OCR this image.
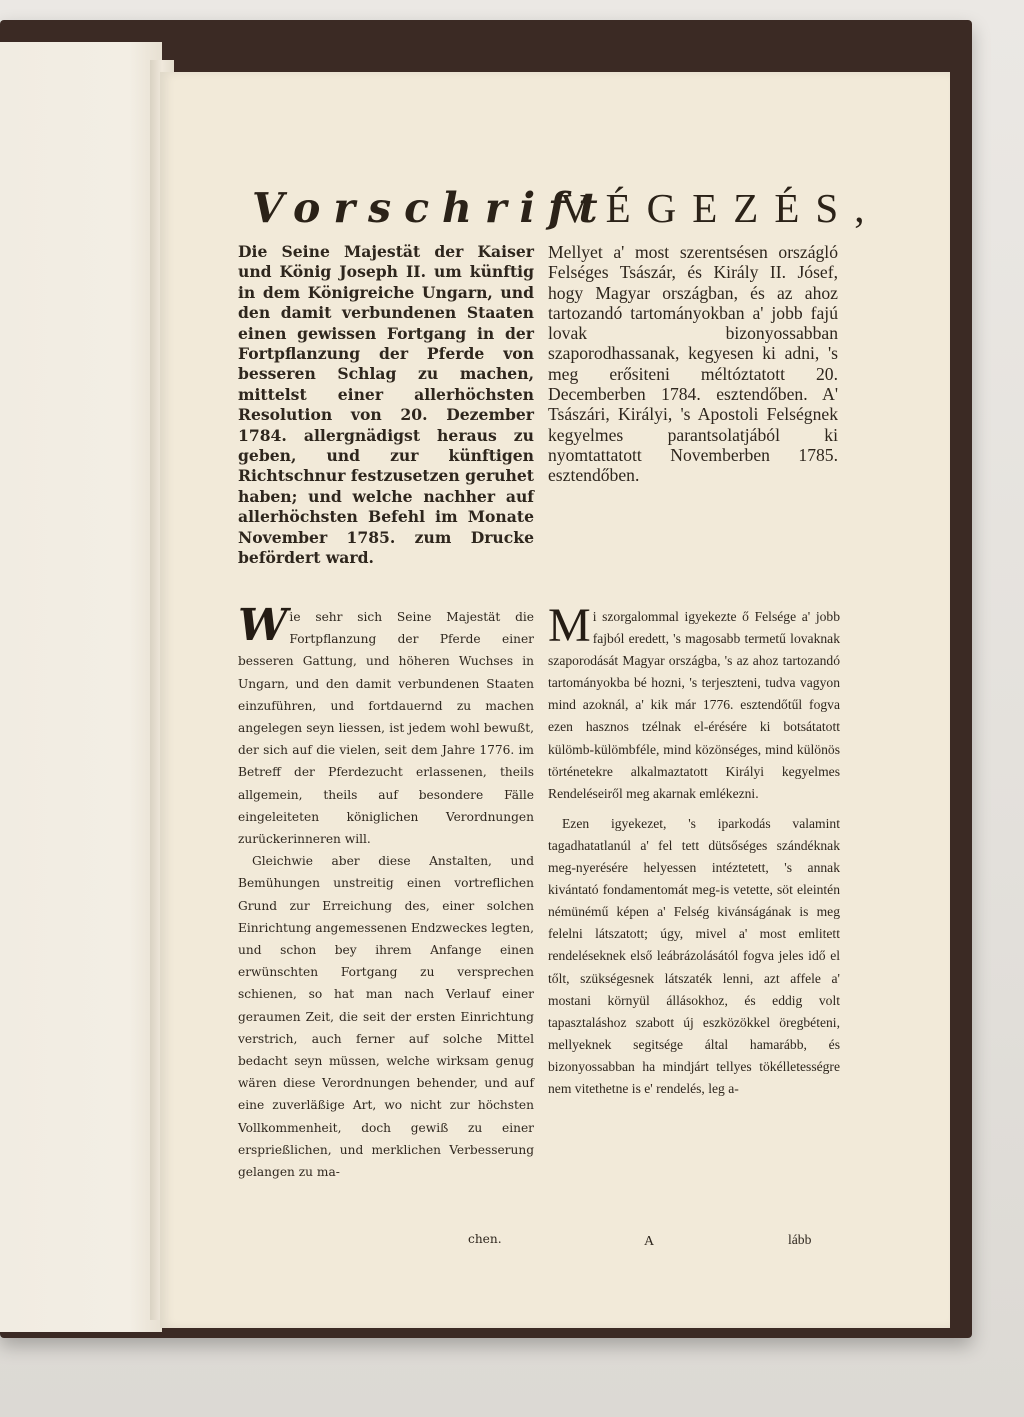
Vorschrift
VÉGEZÉS,

Die Seine Majestät der Kaiser und König Joseph II. um künftig in dem Königreiche Ungarn, und den damit verbundenen Staaten einen gewissen Fortgang in der Fortpflanzung der Pferde von besseren Schlag zu machen, mittelst einer allerhöchsten Resolution von 20. Dezember 1784. allergnädigst heraus zu geben, und zur künftigen Richtschnur festzusetzen geruhet haben; und welche nachher auf allerhöchsten Befehl im Monate November 1785. zum Drucke befördert ward.

Mellyet a' most szerentsésen országló Felséges Tsászár, és Király II. Jósef, hogy Magyar országban, és az ahoz tartozandó tartományokban a' jobb fajú lovak bizonyossabban szaporodhassanak, kegyesen ki adni, 's meg erősiteni méltóztatott 20. Decemberben 1784. esztendőben. A' Tsászári, Királyi, 's Apostoli Felségnek kegyelmes parantsolatjából ki nyomtattatott Novemberben 1785. esztendőben.

Wie sehr sich Seine Majestät die Fortpflanzung der Pferde einer besseren Gattung, und höheren Wuchses in Ungarn, und den damit verbundenen Staaten einzuführen, und fortdauernd zu machen angelegen seyn liessen, ist jedem wohl bewußt, der sich auf die vielen, seit dem Jahre 1776. im Betreff der Pferdezucht erlassenen, theils allgemein, theils auf besondere Fälle eingeleiteten königlichen Verordnungen zurückerinneren will.

Gleichwie aber diese Anstalten, und Bemühungen unstreitig einen vortreflichen Grund zur Erreichung des, einer solchen Einrichtung angemessenen Endzweckes legten, und schon bey ihrem Anfange einen erwünschten Fortgang zu versprechen schienen, so hat man nach Verlauf einer geraumen Zeit, die seit der ersten Einrichtung verstrich, auch ferner auf solche Mittel bedacht seyn müssen, welche wirksam genug wären diese Verordnungen behender, und auf eine zuverläßige Art, wo nicht zur höchsten Vollkommenheit, doch gewiß zu einer ersprießlichen, und merklichen Verbesserung gelangen zu ma-

Mi szorgalommal igyekezte ő Felsége a' jobb fajból eredett, 's magosabb termetű lovaknak szaporodását Magyar országba, 's az ahoz tartozandó tartományokba bé hozni, 's terjeszteni, tudva vagyon mind azoknál, a' kik már 1776. esztendőtűl fogva ezen hasznos tzélnak el-érésére ki botsátatott külömb-külömbféle, mind közönséges, mind különös történetekre alkalmaztatott Királyi kegyelmes Rendeléseiről meg akarnak emlékezni.

Ezen igyekezet, 's iparkodás valamint tagadhatatlanúl a' fel tett dütsőséges szándéknak meg-nyerésére helyessen intéztetett, 's annak kivántató fondamentomát meg-is vetette, söt eleintén némünémű képen a' Felség kivánságának is meg felelni látszatott; úgy, mivel a' most emlitett rendeléseknek első leábrázolásától fogva jeles idő el tőlt, szükségesnek látszaték lenni, azt affele a' mostani környül állásokhoz, és eddig volt tapasztaláshoz szabott új eszközökkel öregbéteni, mellyeknek segitsége által hamarább, és bizonyossabban ha mindjárt tellyes tökélletességre nem vitethetne is e' rendelés, leg a-

chen.	A	lább
